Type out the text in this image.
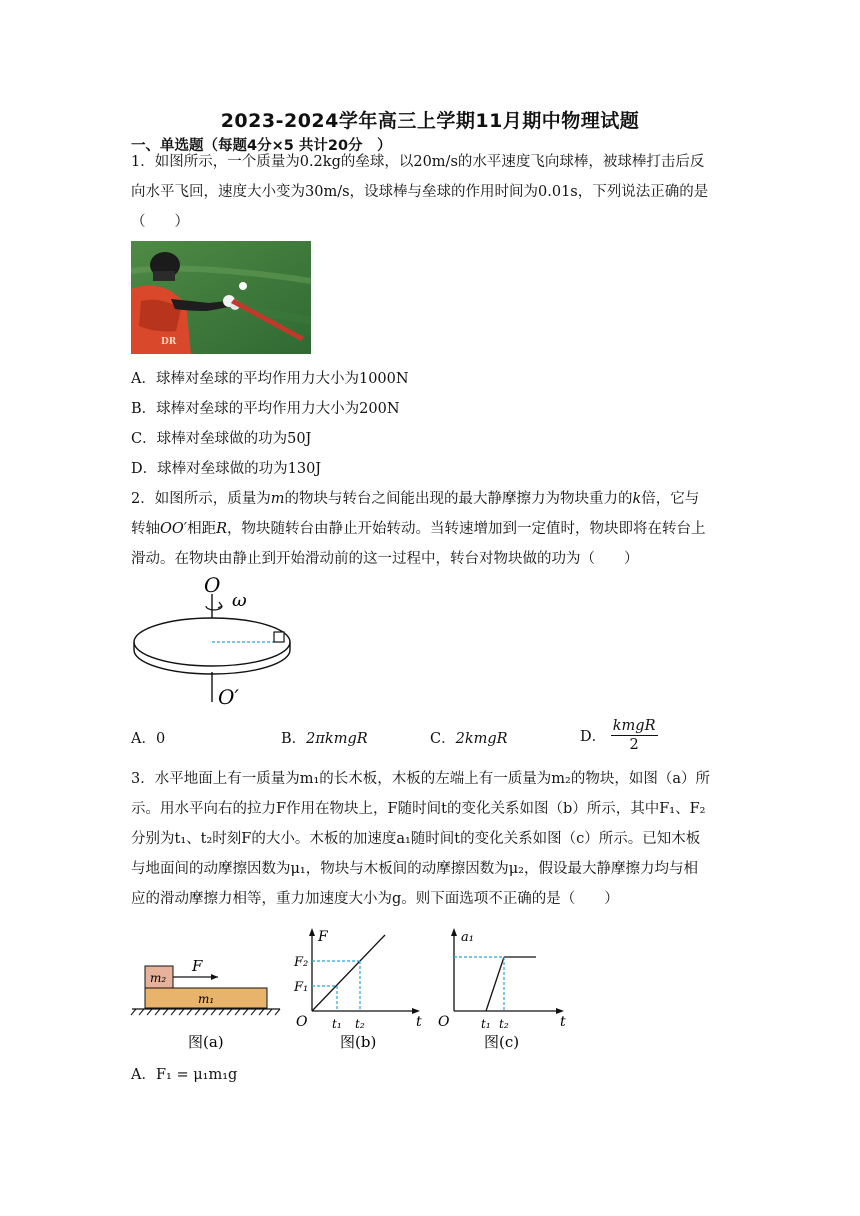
2023-2024学年高三上学期11月期中物理试题
一、单选题（每题4分×5 共计20分　）
1．如图所示，一个质量为0.2kg的垒球，以20m/s的水平速度飞向球棒，被球棒打击后反
向水平飞回，速度大小变为30m/s，设球棒与垒球的作用时间为0.01s，下列说法正确的是
（　　）
DR
A．球棒对垒球的平均作用力大小为1000N
B．球棒对垒球的平均作用力大小为200N
C．球棒对垒球做的功为50J
D．球棒对垒球做的功为130J
2．如图所示，质量为m的物块与转台之间能出现的最大静摩擦力为物块重力的k倍，它与
转轴OO′相距R，物块随转台由静止开始转动。当转速增加到一定值时，物块即将在转台上
滑动。在物块由静止到开始滑动前的这一过程中，转台对物块做的功为（　　）
O
ω
O′
A．0	B．2πkmgR	C．2kmgR	D． $\frac{\text{kmgR}}{2}$
3．水平地面上有一质量为m₁的长木板，木板的左端上有一质量为m₂的物块，如图（a）所
示。用水平向右的拉力F作用在物块上，F随时间t的变化关系如图（b）所示，其中F₁、F₂
分别为t₁、t₂时刻F的大小。木板的加速度a₁随时间t的变化关系如图（c）所示。已知木板
与地面间的动摩擦因数为μ₁，物块与木板间的动摩擦因数为μ₂，假设最大静摩擦力均与相
应的滑动摩擦力相等，重力加速度大小为g。则下面选项不正确的是（　　）
m₂
m₁
F
图(a)
F
F₂
F₁
O t₁ t₂	t
图(b)
a₁
O	t₁ t₂	t
图(c)
A．F₁ = μ₁m₁g
